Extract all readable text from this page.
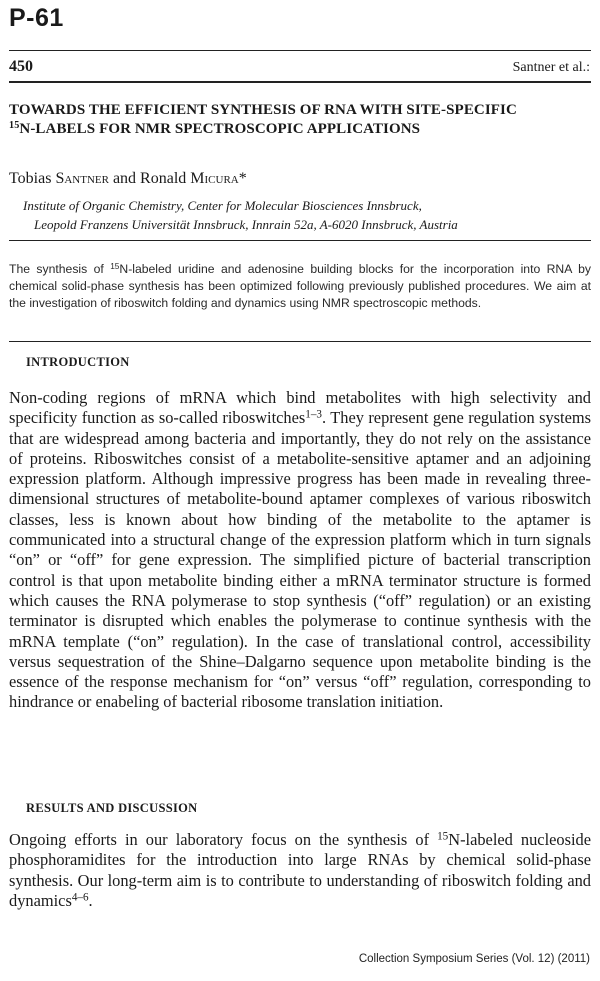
P-61
450	Santner et al.:
TOWARDS THE EFFICIENT SYNTHESIS OF RNA WITH SITE-SPECIFIC
$^{15}$N-LABELS FOR NMR SPECTROSCOPIC APPLICATIONS
Tobias Santner and Ronald Micura*
Institute of Organic Chemistry, Center for Molecular Biosciences Innsbruck,
Leopold Franzens Universität Innsbruck, Innrain 52a, A-6020 Innsbruck, Austria
The synthesis of $^{15}$N-labeled uridine and adenosine building blocks for the incorporation into RNA by chemical solid-phase synthesis has been optimized following previously published procedures. We aim at the investigation of riboswitch folding and dynamics using NMR spectroscopic methods.
INTRODUCTION
Non-coding regions of mRNA which bind metabolites with high selectivity and specificity function as so-called riboswitches$^{1-3}$. They represent gene regulation systems that are widespread among bacteria and importantly, they do not rely on the assistance of proteins. Riboswitches consist of a metabolite-sensitive aptamer and an adjoining expression platform. Although impressive progress has been made in revealing three-dimensional structures of metabolite-bound aptamer complexes of various riboswitch classes, less is known about how binding of the metabolite to the aptamer is communicated into a structural change of the expression platform which in turn signals “on” or “off” for gene expression. The simplified picture of bacterial transcription control is that upon metabolite binding either a mRNA terminator structure is formed which causes the RNA polymerase to stop synthesis (“off” regulation) or an existing terminator is disrupted which enables the polymerase to continue synthesis with the mRNA template (“on” regulation). In the case of translational control, accessibility versus sequestration of the Shine–Dalgarno sequence upon metabolite binding is the essence of the response mechanism for “on” versus “off” regulation, corresponding to hindrance or enabeling of bacterial ribosome translation initiation.
RESULTS AND DISCUSSION
Ongoing efforts in our laboratory focus on the synthesis of $^{15}$N-labeled nucleoside phosphoramidites for the introduction into large RNAs by chemical solid-phase synthesis. Our long-term aim is to contribute to understanding of riboswitch folding and dynamics$^{4-6}$.
Collection Symposium Series (Vol. 12) (2011)
